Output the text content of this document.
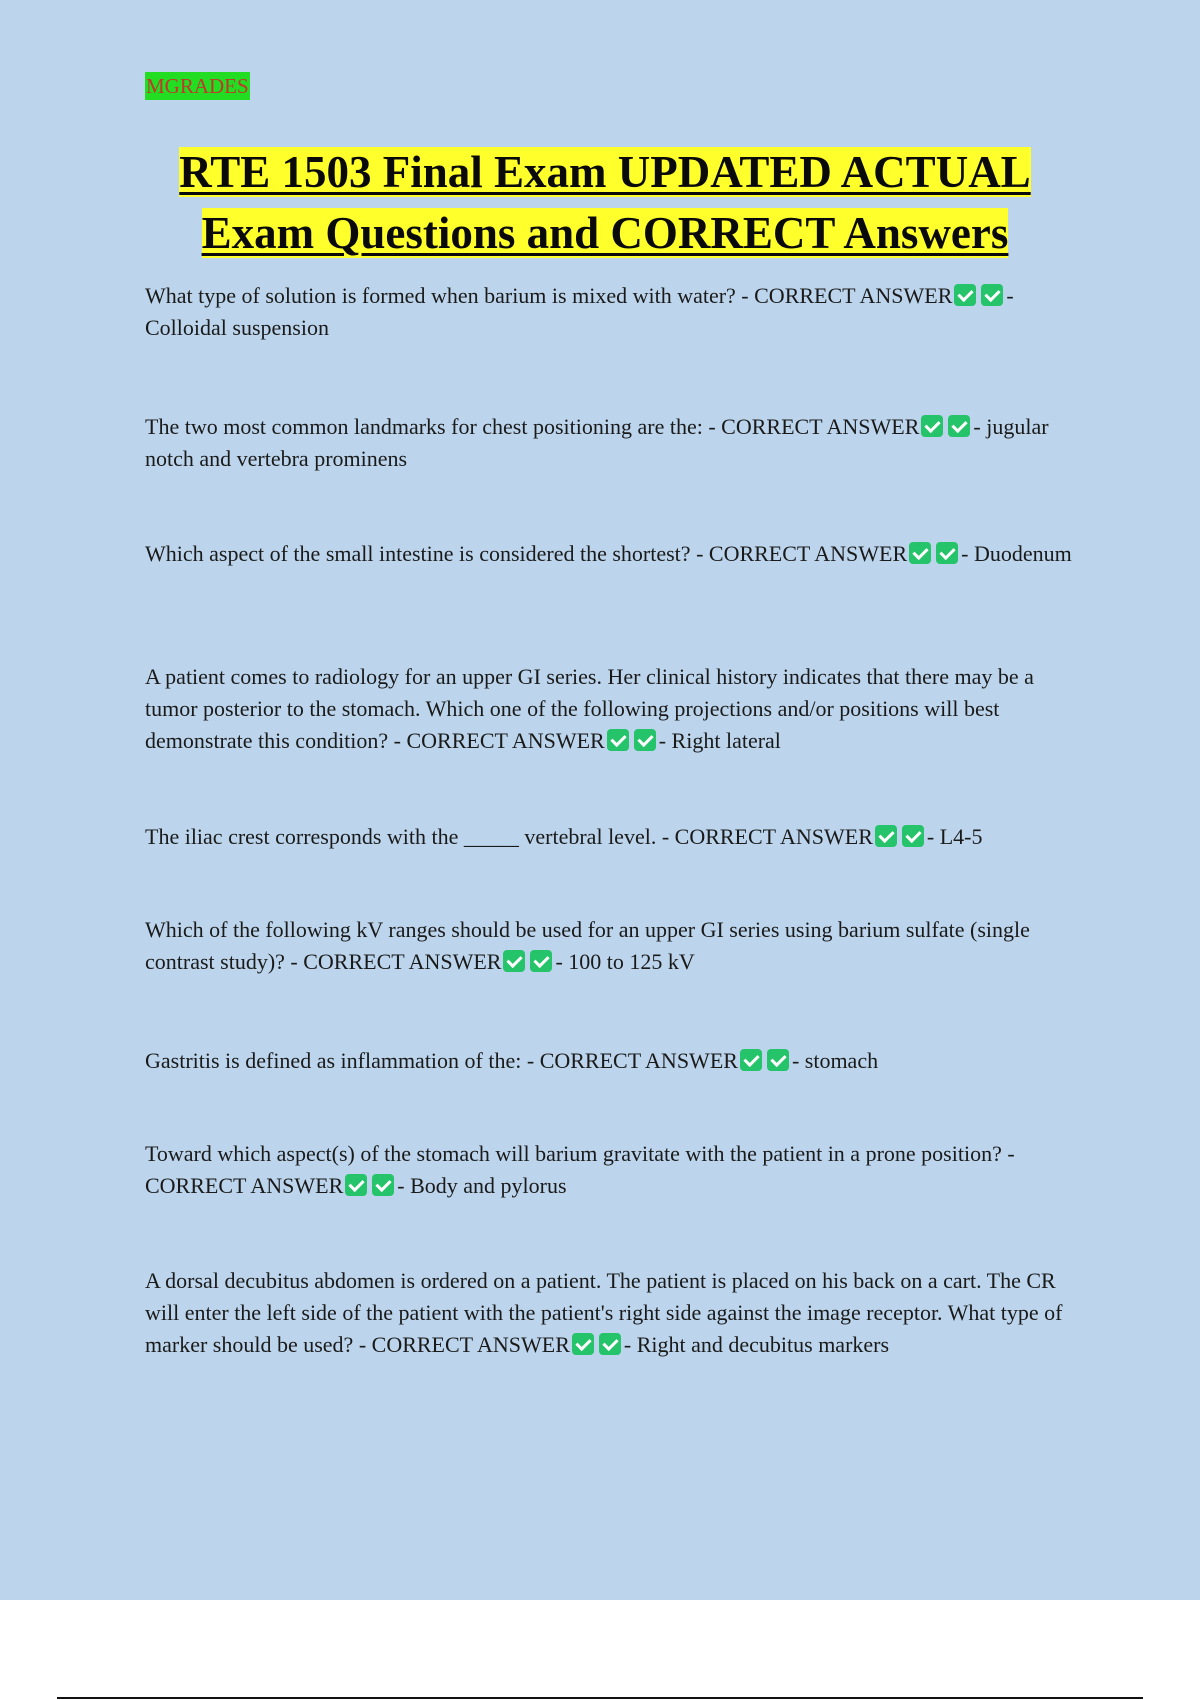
MGRADES
RTE 1503 Final Exam UPDATED ACTUAL
Exam Questions and CORRECT Answers

What type of solution is formed when barium is mixed with water? - CORRECT ANSWER - Colloidal suspension

The two most common landmarks for chest positioning are the: - CORRECT ANSWER - jugular notch and vertebra prominens

Which aspect of the small intestine is considered the shortest? - CORRECT ANSWER - Duodenum

A patient comes to radiology for an upper GI series. Her clinical history indicates that there may be a tumor posterior to the stomach. Which one of the following projections and/or positions will best demonstrate this condition? - CORRECT ANSWER - Right lateral

The iliac crest corresponds with the _____ vertebral level. - CORRECT ANSWER - L4-5

Which of the following kV ranges should be used for an upper GI series using barium sulfate (single contrast study)? - CORRECT ANSWER - 100 to 125 kV

Gastritis is defined as inflammation of the: - CORRECT ANSWER - stomach

Toward which aspect(s) of the stomach will barium gravitate with the patient in a prone position? - CORRECT ANSWER - Body and pylorus

A dorsal decubitus abdomen is ordered on a patient. The patient is placed on his back on a cart. The CR will enter the left side of the patient with the patient's right side against the image receptor. What type of marker should be used? - CORRECT ANSWER - Right and decubitus markers
